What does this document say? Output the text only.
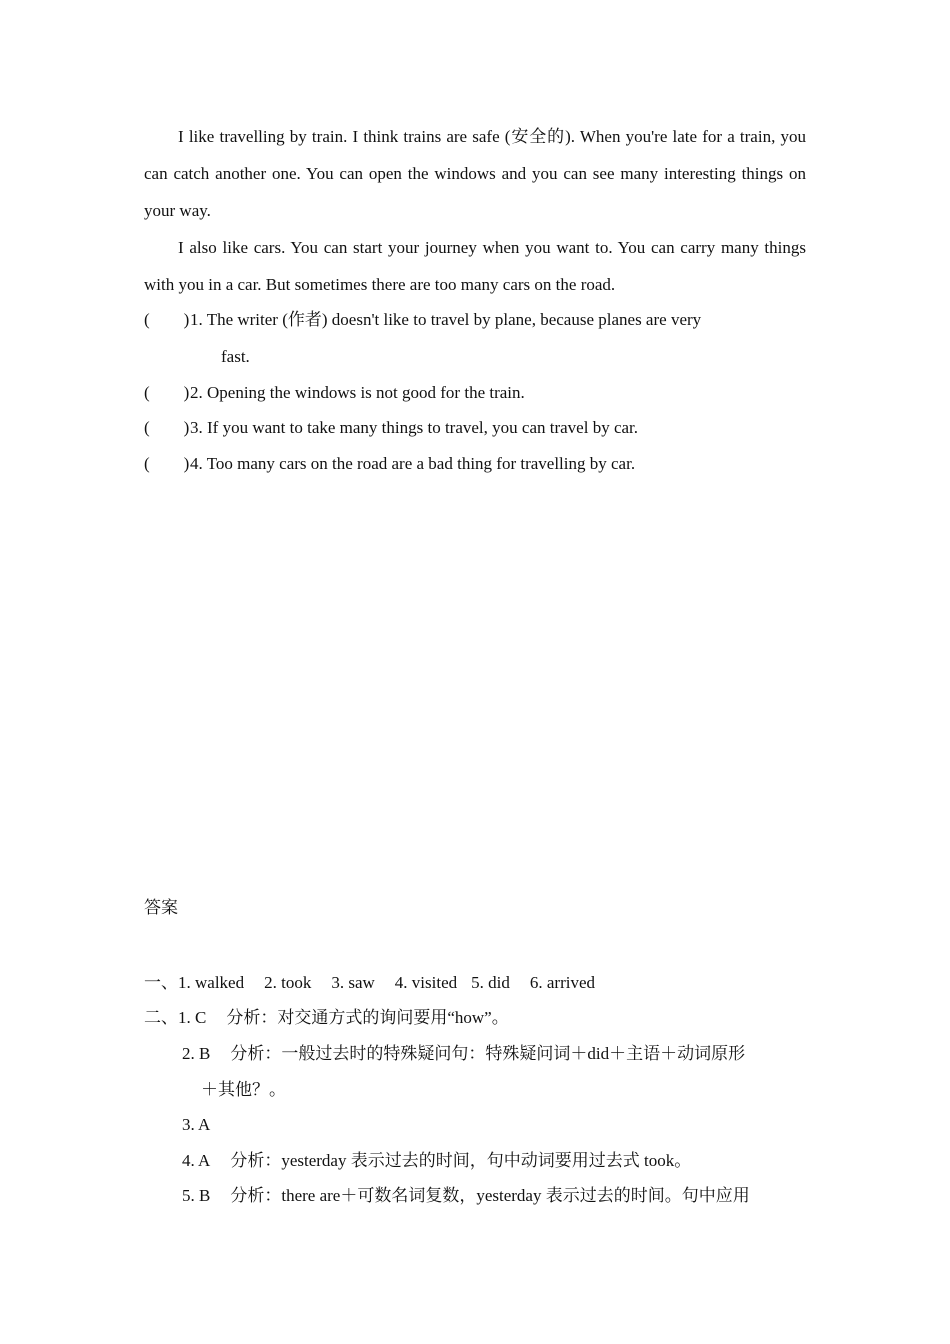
I like travelling by train. I think trains are safe (安全的). When you're late for a train, you can catch another one. You can open the windows and you can see many interesting things on your way.

I also like cars. You can start your journey when you want to. You can carry many things with you in a car. But sometimes there are too many cars on the road.

(        )1. The writer (作者) doesn't like to travel by plane, because planes are very

fast.

(        )2. Opening the windows is not good for the train.

(        )3. If you want to take many things to travel, you can travel by car.

(        )4. Too many cars on the road are a bad thing for travelling by car.

答案

一、1. walked 2. took 3. saw 4. visited 5. did 6. arrived

二、1. C 分析：对交通方式的询问要用“how”。

2. B 分析：一般过去时的特殊疑问句：特殊疑问词＋did＋主语＋动词原形

＋其他？。

3. A

4. A 分析：yesterday 表示过去的时间，句中动词要用过去式 took。

5. B 分析：there are＋可数名词复数，yesterday 表示过去的时间。句中应用
